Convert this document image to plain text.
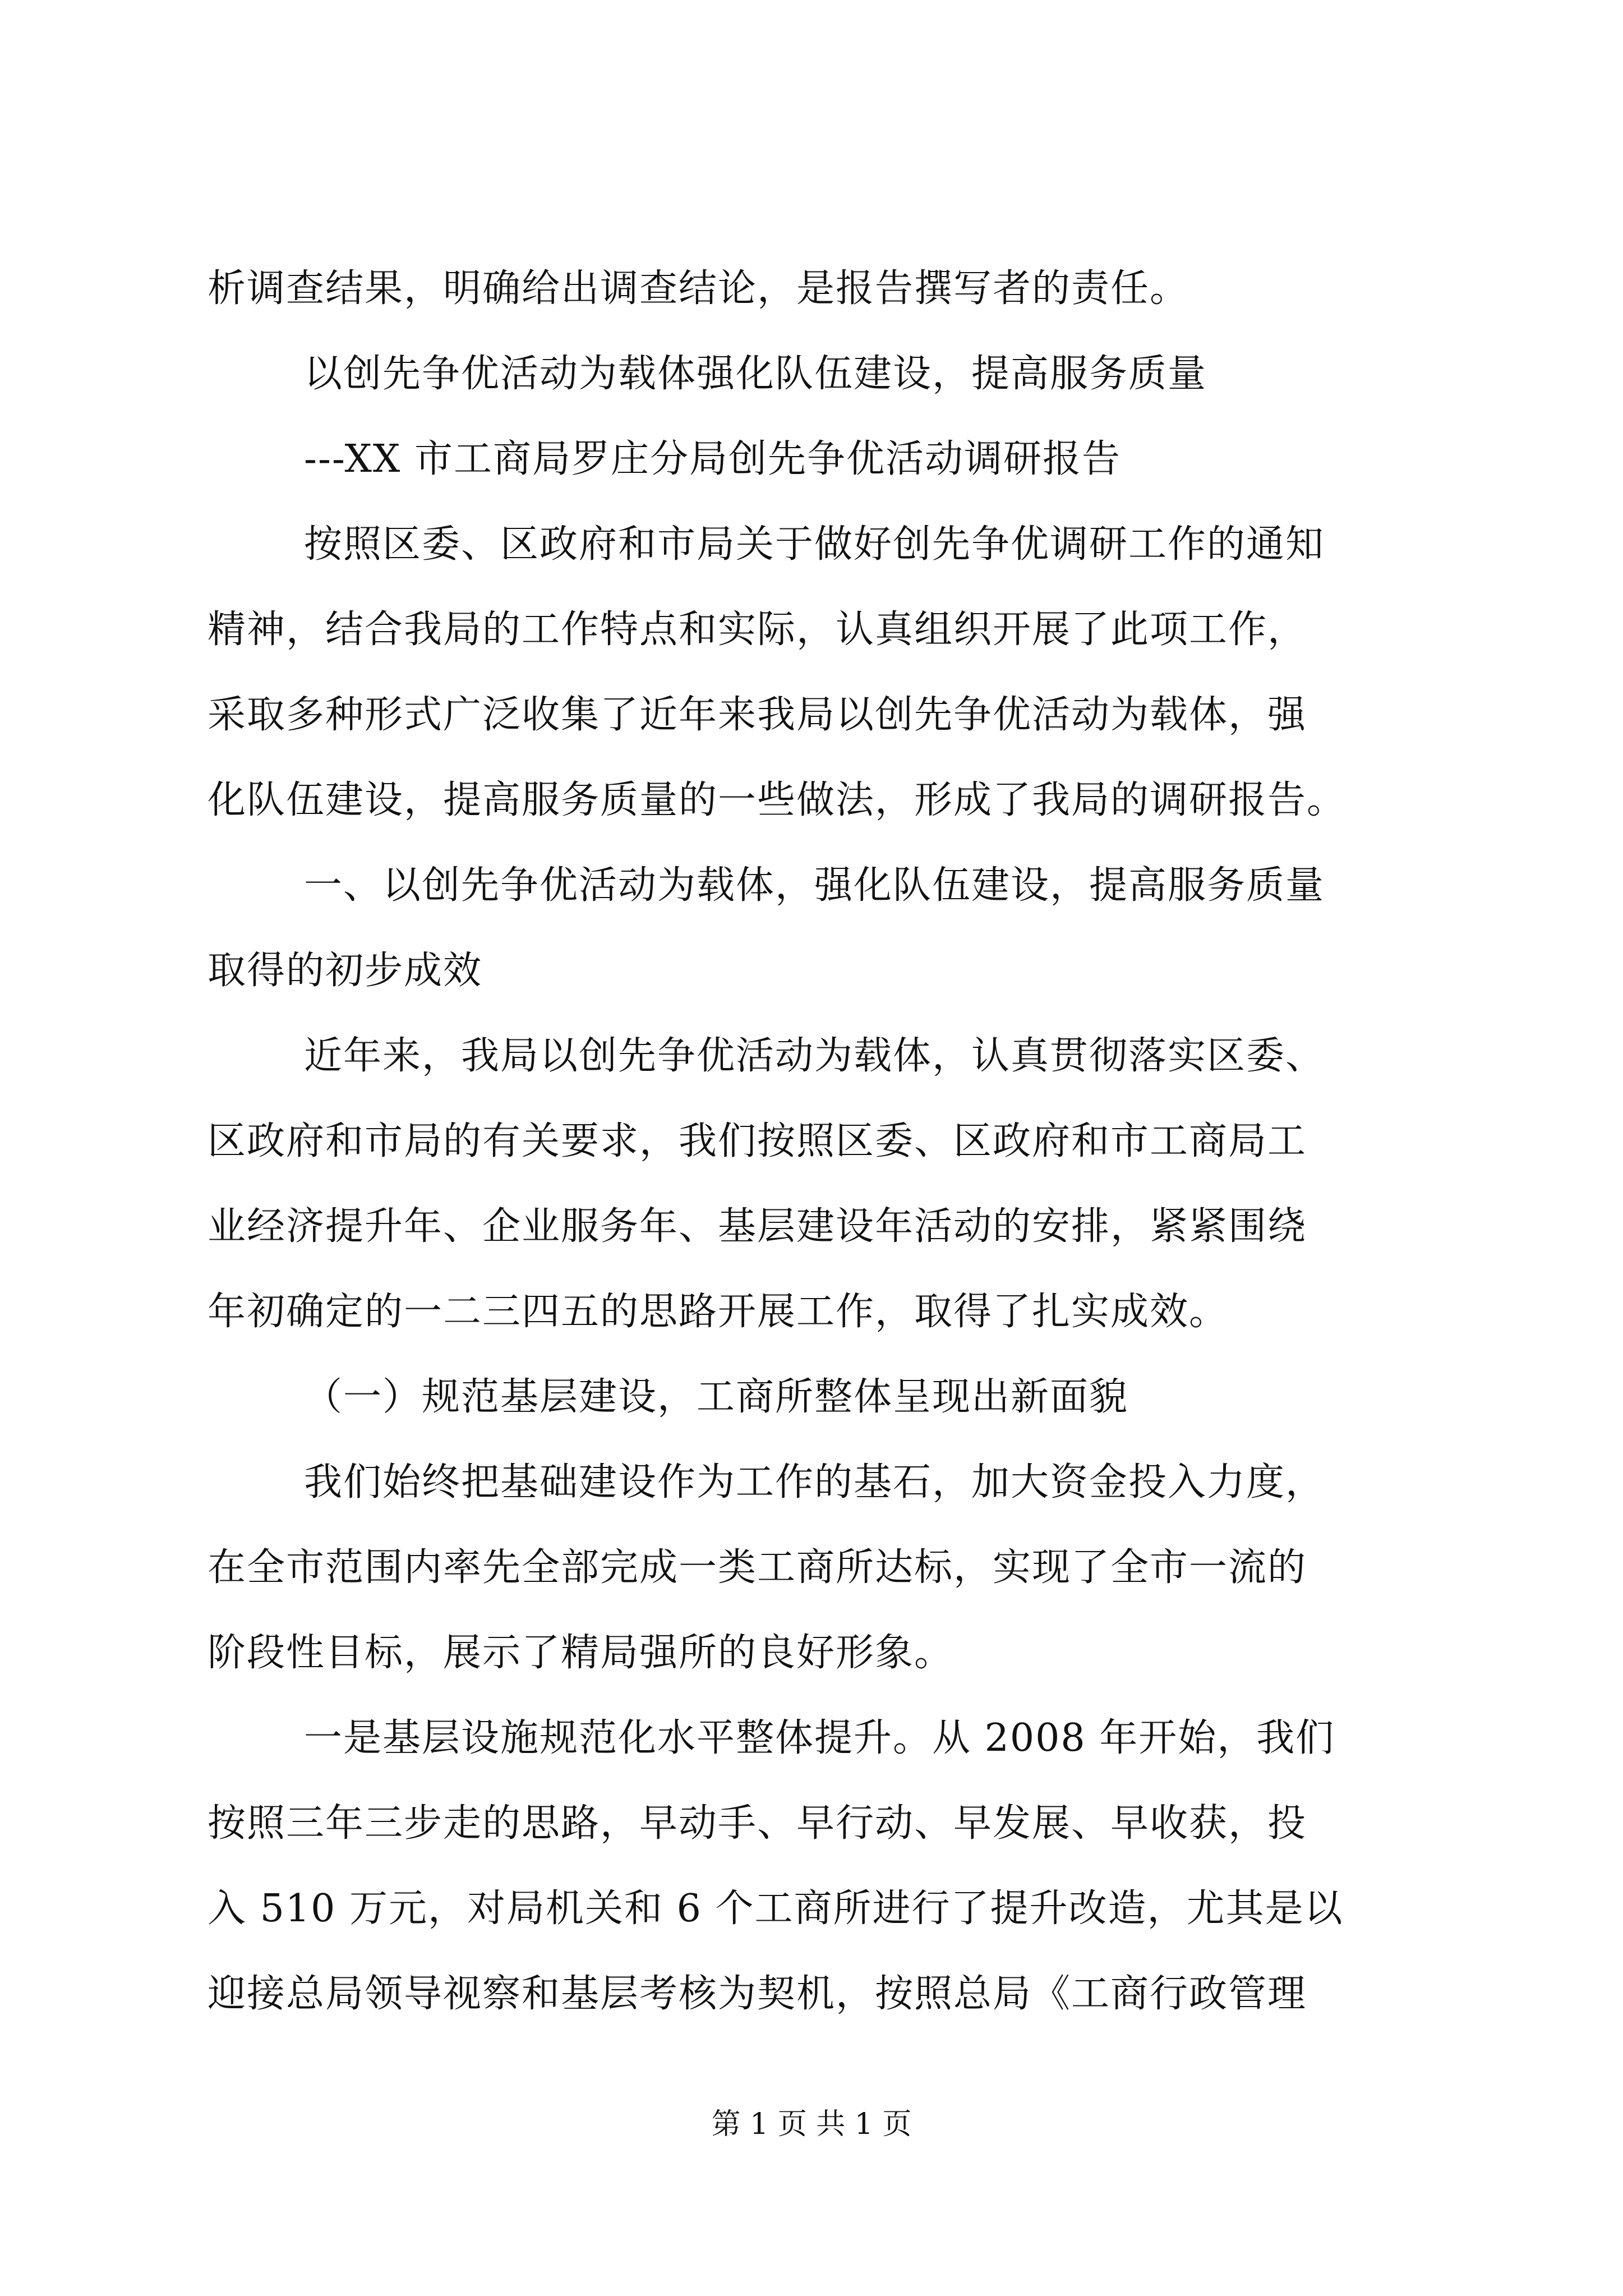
析调查结果，明确给出调查结论，是报告撰写者的责任。

以创先争优活动为载体强化队伍建设，提高服务质量

---XX 市工商局罗庄分局创先争优活动调研报告

按照区委、区政府和市局关于做好创先争优调研工作的通知

精神，结合我局的工作特点和实际，认真组织开展了此项工作，

采取多种形式广泛收集了近年来我局以创先争优活动为载体，强

化队伍建设，提高服务质量的一些做法，形成了我局的调研报告。

一、以创先争优活动为载体，强化队伍建设，提高服务质量

取得的初步成效

近年来，我局以创先争优活动为载体，认真贯彻落实区委、

区政府和市局的有关要求，我们按照区委、区政府和市工商局工

业经济提升年、企业服务年、基层建设年活动的安排，紧紧围绕

年初确定的一二三四五的思路开展工作，取得了扎实成效。

（一）规范基层建设，工商所整体呈现出新面貌

我们始终把基础建设作为工作的基石，加大资金投入力度，

在全市范围内率先全部完成一类工商所达标，实现了全市一流的

阶段性目标，展示了精局强所的良好形象。

一是基层设施规范化水平整体提升。从 2008 年开始，我们

按照三年三步走的思路，早动手、早行动、早发展、早收获，投

入 510 万元，对局机关和 6 个工商所进行了提升改造，尤其是以

迎接总局领导视察和基层考核为契机，按照总局《工商行政管理

第 1 页 共 1 页
